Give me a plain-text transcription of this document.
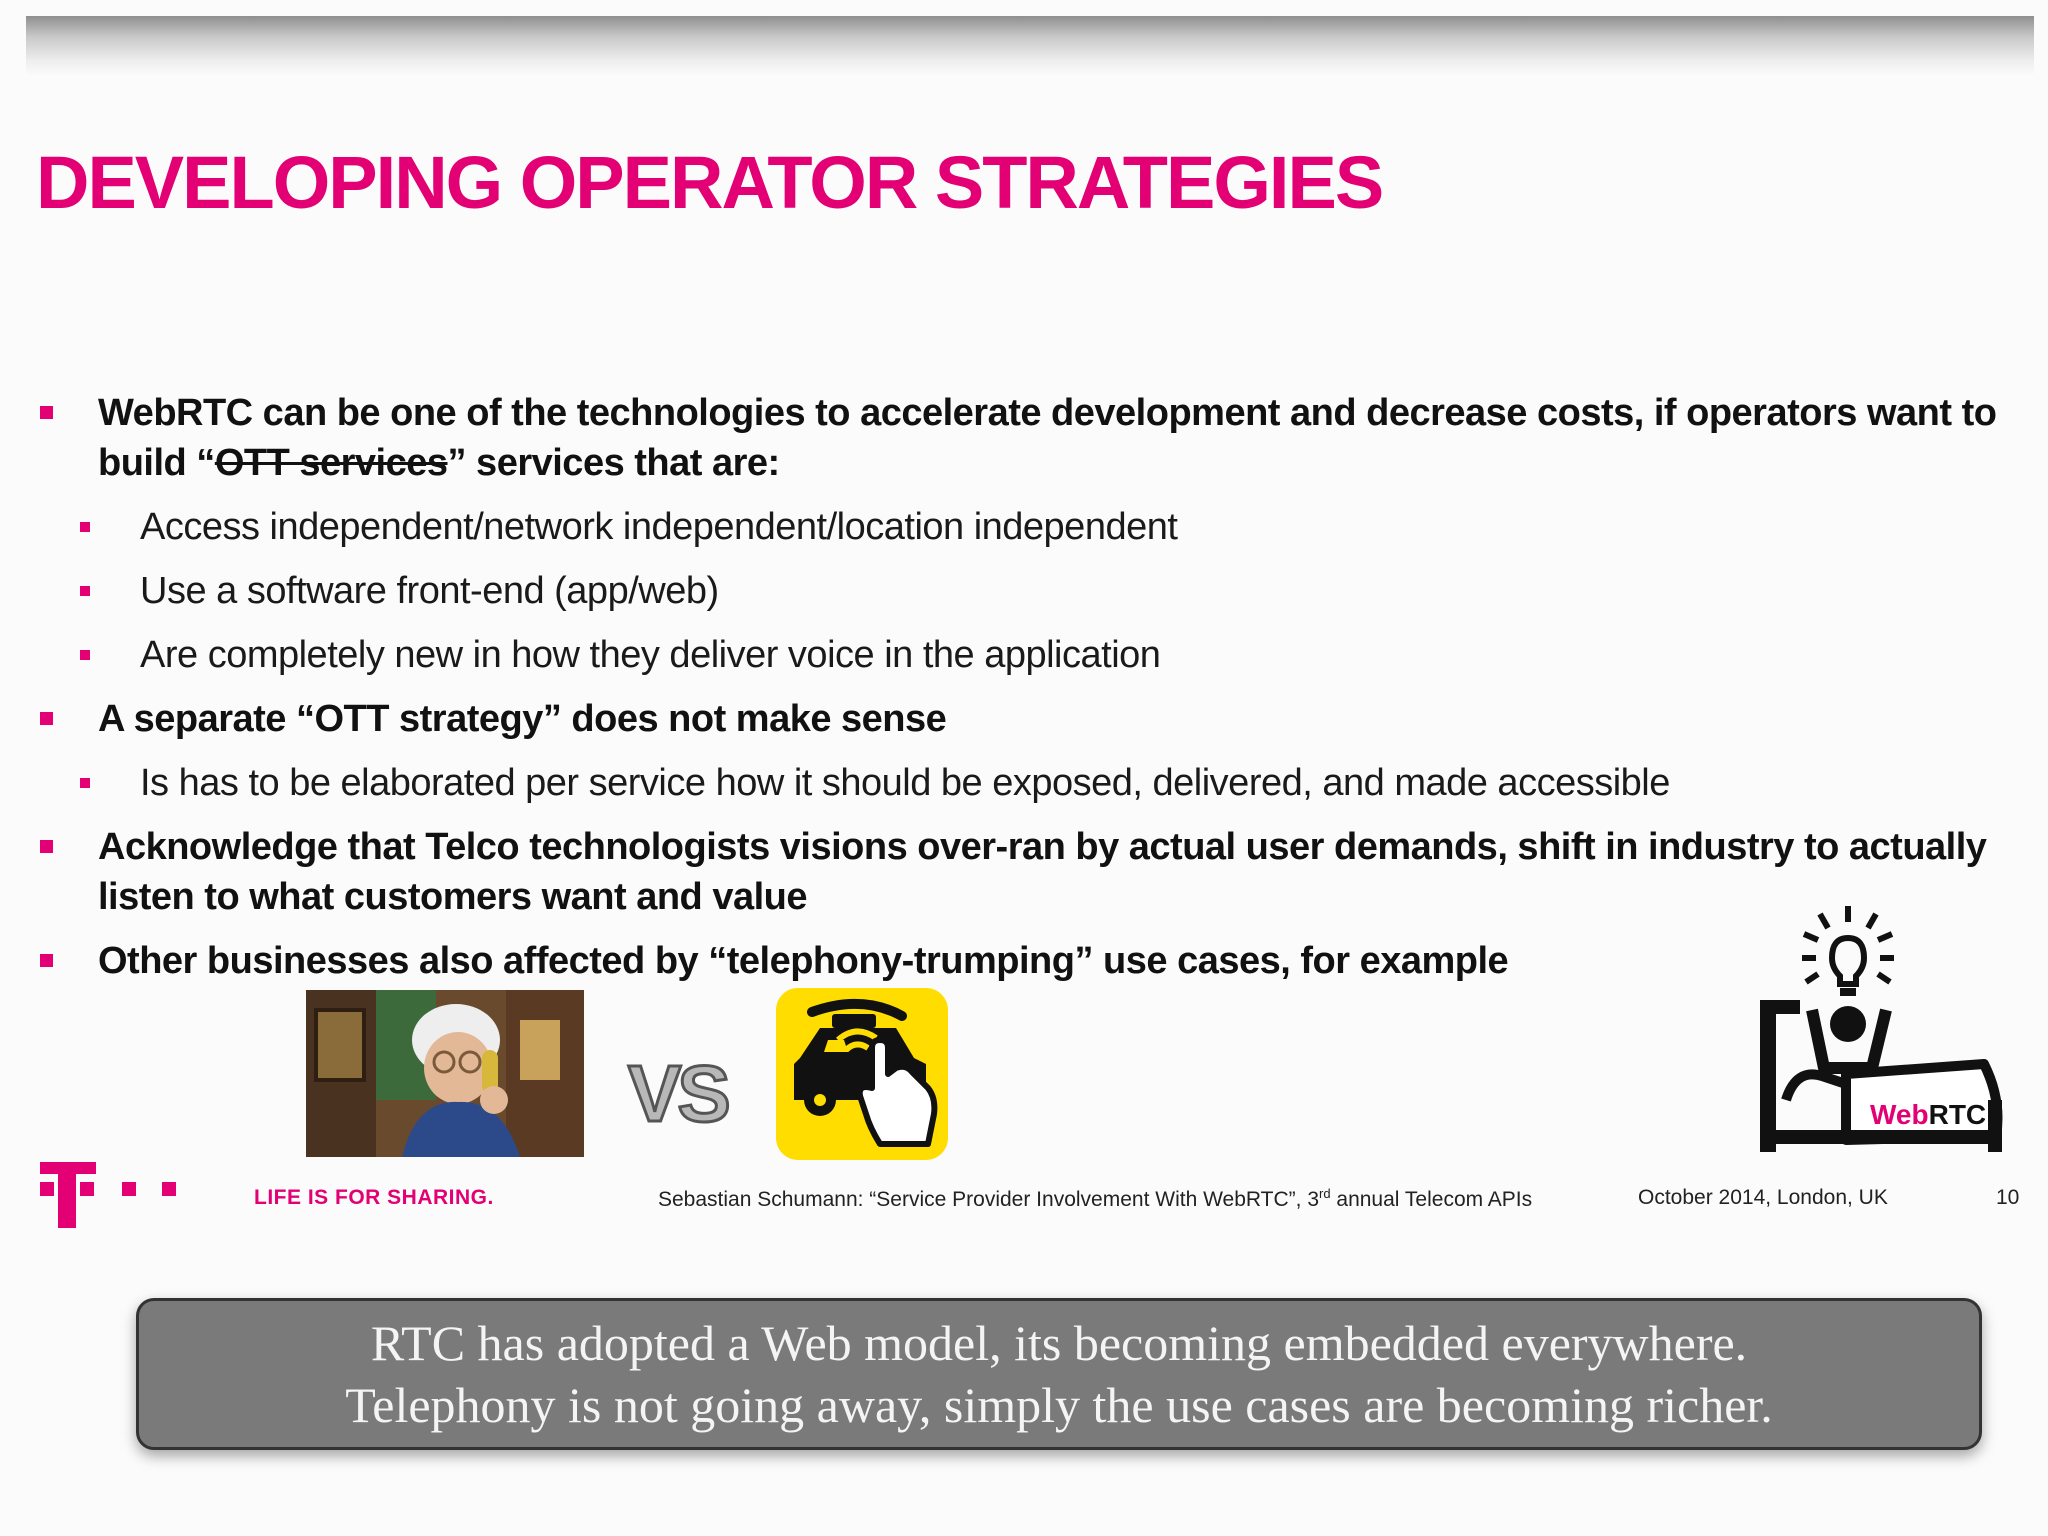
DEVELOPING OPERATOR STRATEGIES
WebRTC can be one of the technologies to accelerate development and decrease costs, if operators want to build “OTT services” services that are:
Access independent/network independent/location independent
Use a software front-end (app/web)
Are completely new in how they deliver voice in the application
A separate “OTT strategy” does not make sense
Is has to be elaborated per service how it should be exposed, delivered, and made accessible
Acknowledge that Telco technologists visions over-ran by actual user demands, shift in industry to actually listen to what customers want and value
Other businesses also affected by “telephony-trumping” use cases, for example
VS	WebRTC
LIFE IS FOR SHARING.	Sebastian Schumann: “Service Provider Involvement With WebRTC”, 3rd annual Telecom APIs	October 2014, London, UK	10
RTC has adopted a Web model, its becoming embedded everywhere.
Telephony is not going away, simply the use cases are becoming richer.
